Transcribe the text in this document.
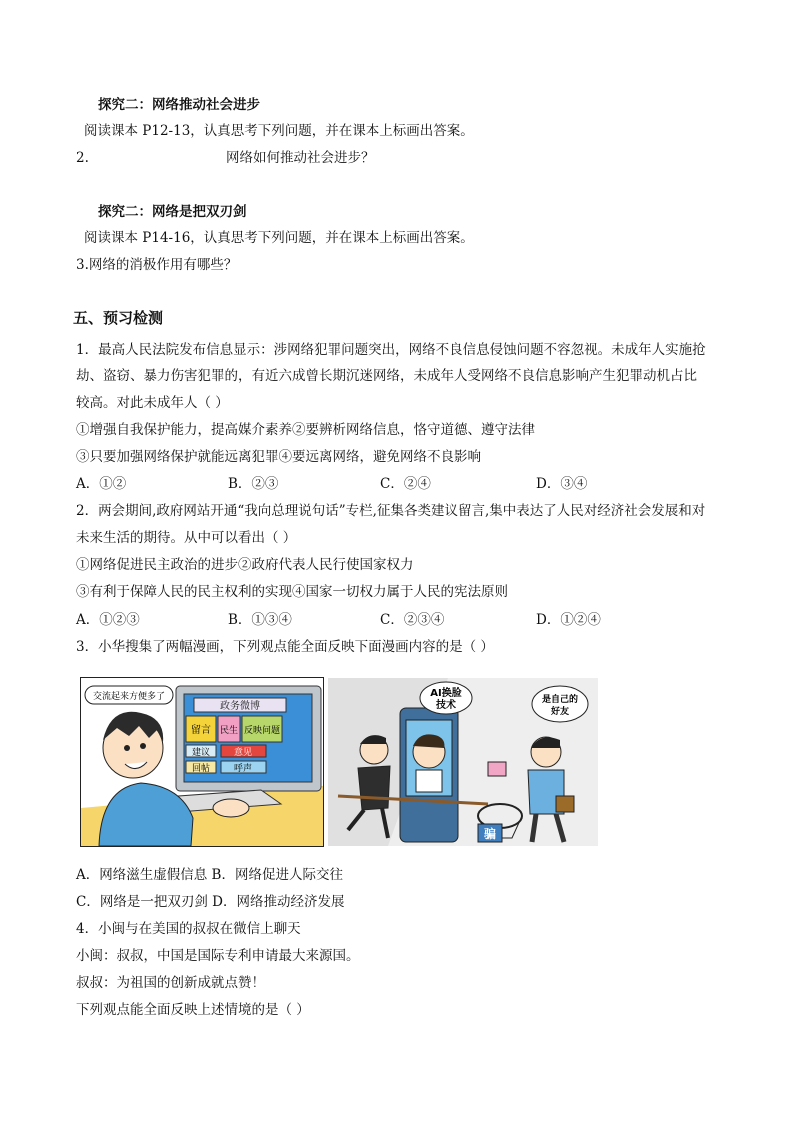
探究二：网络推动社会进步
阅读课本 P12-13，认真思考下列问题，并在课本上标画出答案。
2.	网络如何推动社会进步？
探究二：网络是把双刃剑
阅读课本 P14-16，认真思考下列问题，并在课本上标画出答案。
3.网络的消极作用有哪些？
五、预习检测
1．最高人民法院发布信息显示：涉网络犯罪问题突出，网络不良信息侵蚀问题不容忽视。未成年人实施抢
劫、盗窃、暴力伤害犯罪的，有近六成曾长期沉迷网络，未成年人受网络不良信息影响产生犯罪动机占比
较高。对此未成年人（ ）
①增强自我保护能力，提高媒介素养②要辨析网络信息，恪守道德、遵守法律
③只要加强网络保护就能远离犯罪④要远离网络，避免网络不良影响
A．①②	B．②③	C．②④	D．③④
2．两会期间,政府网站开通“我向总理说句话”专栏,征集各类建议留言,集中表达了人民对经济社会发展和对
未来生活的期待。从中可以看出（ ）
①网络促进民主政治的进步②政府代表人民行使国家权力
③有利于保障人民的民主权利的实现④国家一切权力属于人民的宪法原则
A．①②③	B．①③④	C．②③④	D．①②④
3．小华搜集了两幅漫画，下列观点能全面反映下面漫画内容的是（ ）
政务微博
留言 民生 反映问题
建议	意见
回帖	呼声
交流起来方便多了	AI换脸
技术
骗
是自己的
好友
A．网络滋生虚假信息 B．网络促进人际交往
C．网络是一把双刃剑 D．网络推动经济发展
4．小闽与在美国的叔叔在微信上聊天
小闽：叔叔，中国是国际专利申请最大来源国。
叔叔：为祖国的创新成就点赞！
下列观点能全面反映上述情境的是（ ）
